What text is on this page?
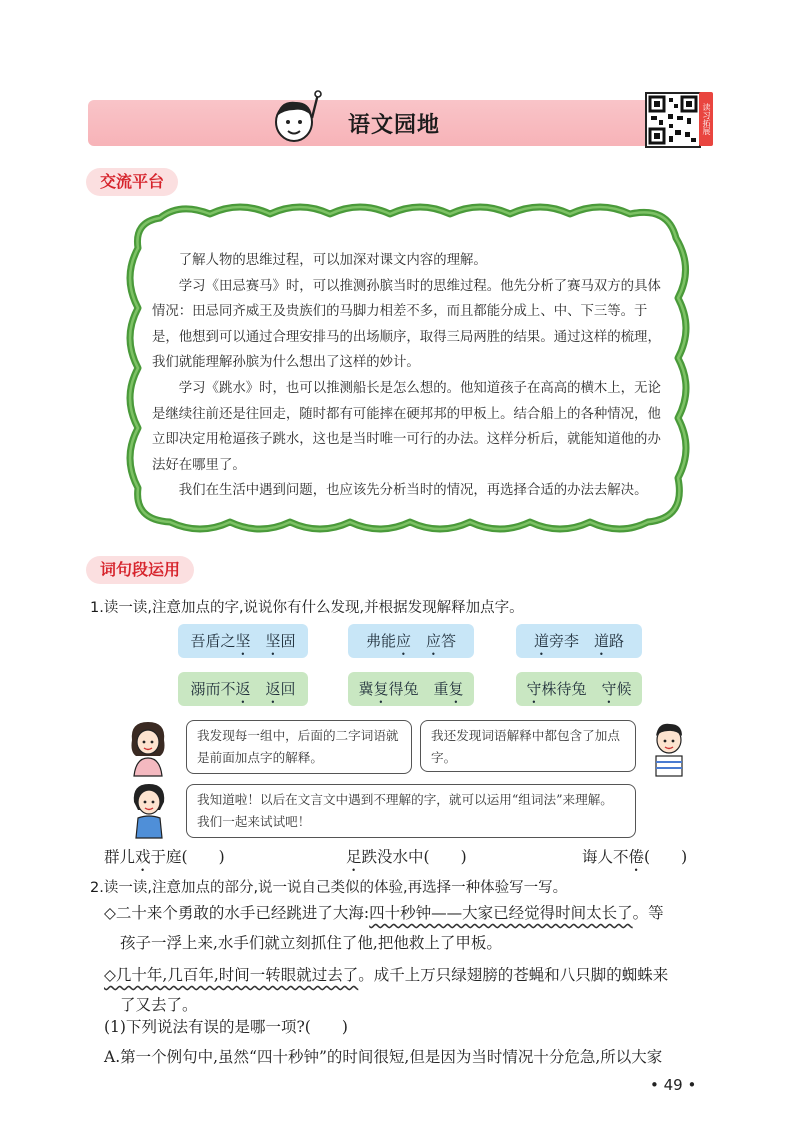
语文园地	读习拓展
交流平台

了解人物的思维过程，可以加深对课文内容的理解。

学习《田忌赛马》时，可以推测孙膑当时的思维过程。他先分析了赛马双方的具体情况：田忌同齐威王及贵族们的马脚力相差不多，而且都能分成上、中、下三等。于是，他想到可以通过合理安排马的出场顺序，取得三局两胜的结果。通过这样的梳理，我们就能理解孙膑为什么想出了这样的妙计。

学习《跳水》时，也可以推测船长是怎么想的。他知道孩子在高高的横木上，无论是继续往前还是往回走，随时都有可能摔在硬邦邦的甲板上。结合船上的各种情况，他立即决定用枪逼孩子跳水，这也是当时唯一可行的办法。这样分析后，就能知道他的办法好在哪里了。

我们在生活中遇到问题，也应该先分析当时的情况，再选择合适的办法去解决。

词句段运用
1.读一读,注意加点的字,说说你有什么发现,并根据发现解释加点字。
吾盾之坚　 坚固	弗能应　 应答	道旁李　 道路
溺而不返　 返回	冀复得兔　 重复	守株待兔　 守候
我发现每一组中，后面的二字词语就是前面加点字的解释。
我还发现词语解释中都包含了加点字。
我知道啦！以后在文言文中遇到不理解的字，就可以运用“组词法”来理解。我们一起来试试吧！
群儿戏于庭(　　)	足跌没水中(　　)	诲人不倦(　　)
2.读一读,注意加点的部分,说一说自己类似的体验,再选择一种体验写一写。
◇二十来个勇敢的水手已经跳进了大海:四十秒钟——大家已经觉得时间太长了。等
孩子一浮上来,水手们就立刻抓住了他,把他救上了甲板。
◇几十年,几百年,时间一转眼就过去了。成千上万只绿翅膀的苍蝇和八只脚的蜘蛛来
了又去了。
(1)下列说法有误的是哪一项?(　　)
A.第一个例句中,虽然“四十秒钟”的时间很短,但是因为当时情况十分危急,所以大家
• 49 •
